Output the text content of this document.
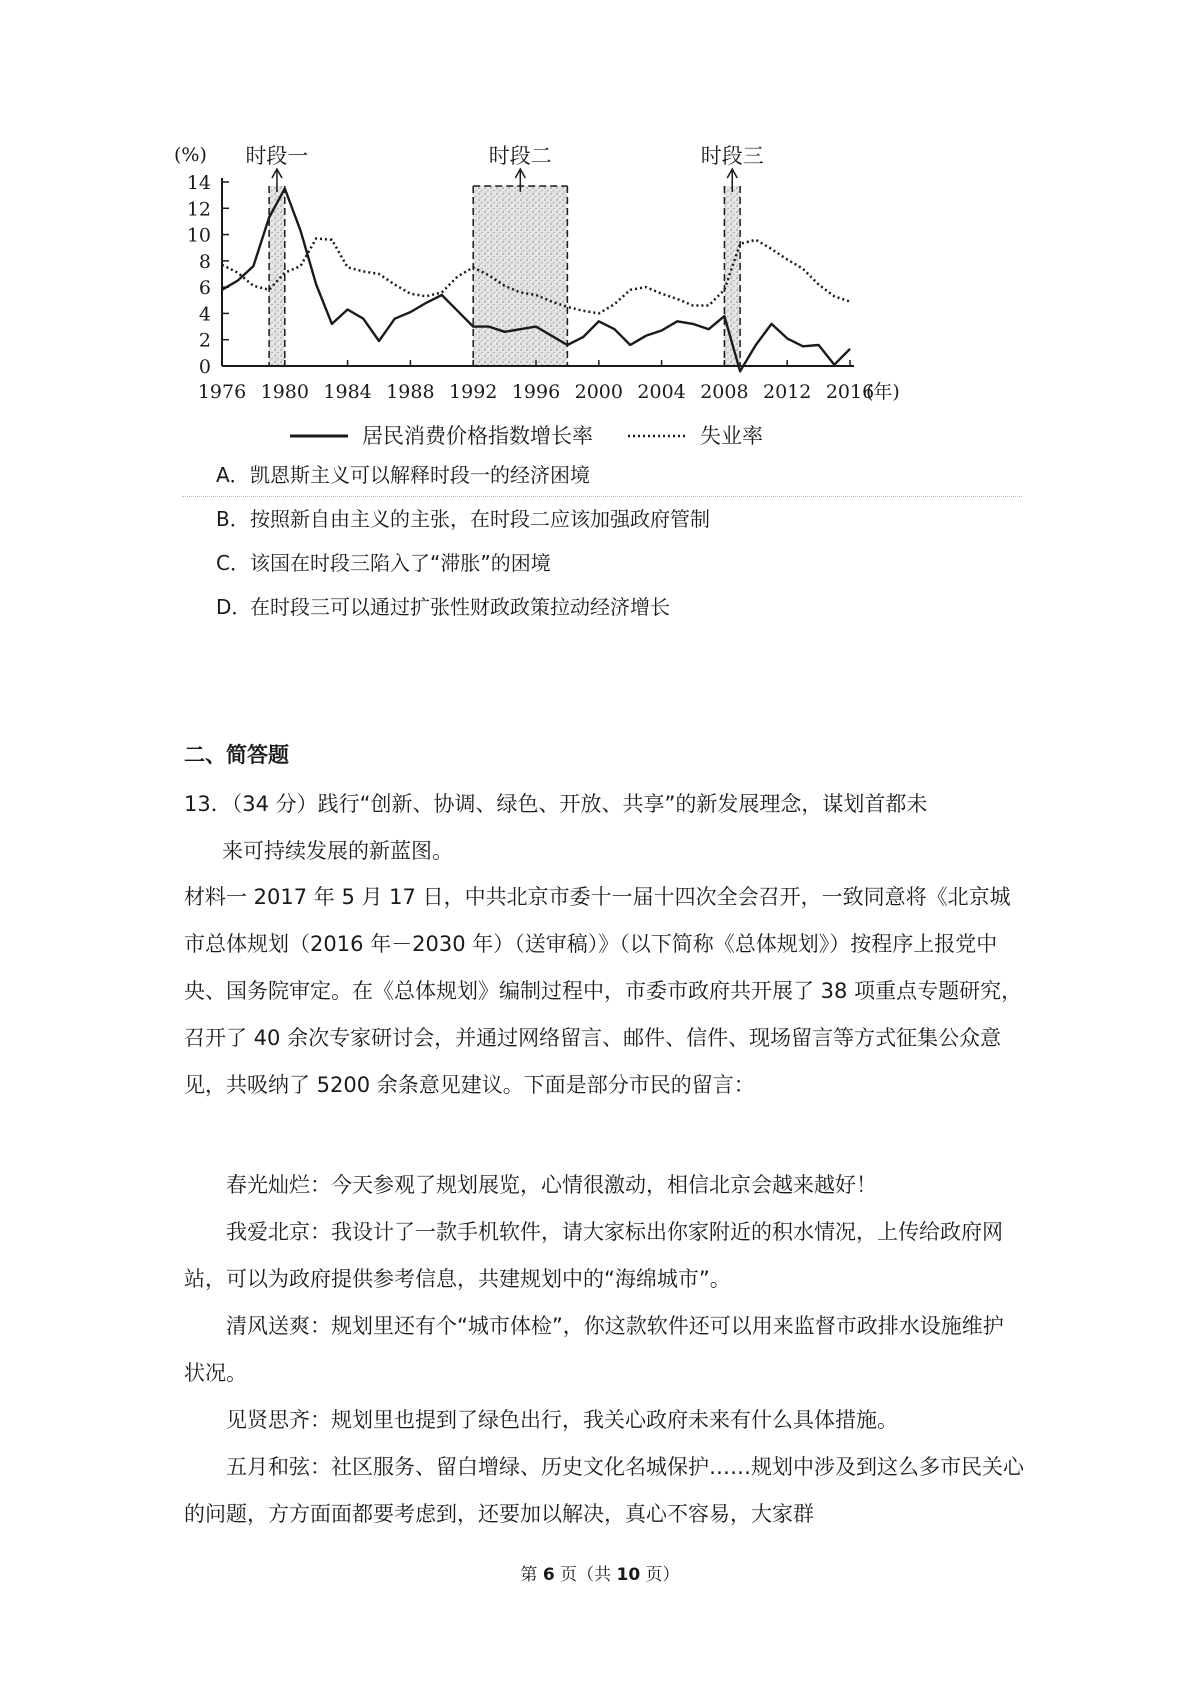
0
2
4
6
8
10
12
14
1976 1980 1984 1988 1992 1996 2000 2004 2008 2012 2016
时段一	时段二	时段三
(%)
(年)
居民消费价格指数增长率	失业率
A．凯恩斯主义可以解释时段一的经济困境
B．按照新自由主义的主张，在时段二应该加强政府管制
C．该国在时段三陷入了“滞胀”的困境
D．在时段三可以通过扩张性财政政策拉动经济增长
二、简答题
13．（34 分）践行“创新、协调、绿色、开放、共享”的新发展理念，谋划首都未
来可持续发展的新蓝图。
材料一 2017 年 5 月 17 日，中共北京市委十一届十四次全会召开，一致同意将《北京城市总体规划（2016 年－2030 年）（送审稿）》（以下简称《总体规划》）按程序上报党中央、国务院审定。在《总体规划》编制过程中，市委市政府共开展了 38 项重点专题研究，召开了 40 余次专家研讨会，并通过网络留言、邮件、信件、现场留言等方式征集公众意见，共吸纳了 5200 余条意见建议。下面是部分市民的留言：
春光灿烂：今天参观了规划展览，心情很激动，相信北京会越来越好！
我爱北京：我设计了一款手机软件，请大家标出你家附近的积水情况，上传给政府网站，可以为政府提供参考信息，共建规划中的“海绵城市”。
清风送爽：规划里还有个“城市体检”，你这款软件还可以用来监督市政排水设施维护状况。
见贤思齐：规划里也提到了绿色出行，我关心政府未来有什么具体措施。
五月和弦：社区服务、留白增绿、历史文化名城保护……规划中涉及到这么多市民关心的问题，方方面面都要考虑到，还要加以解决，真心不容易，大家群
第 6 页（共 10 页）
